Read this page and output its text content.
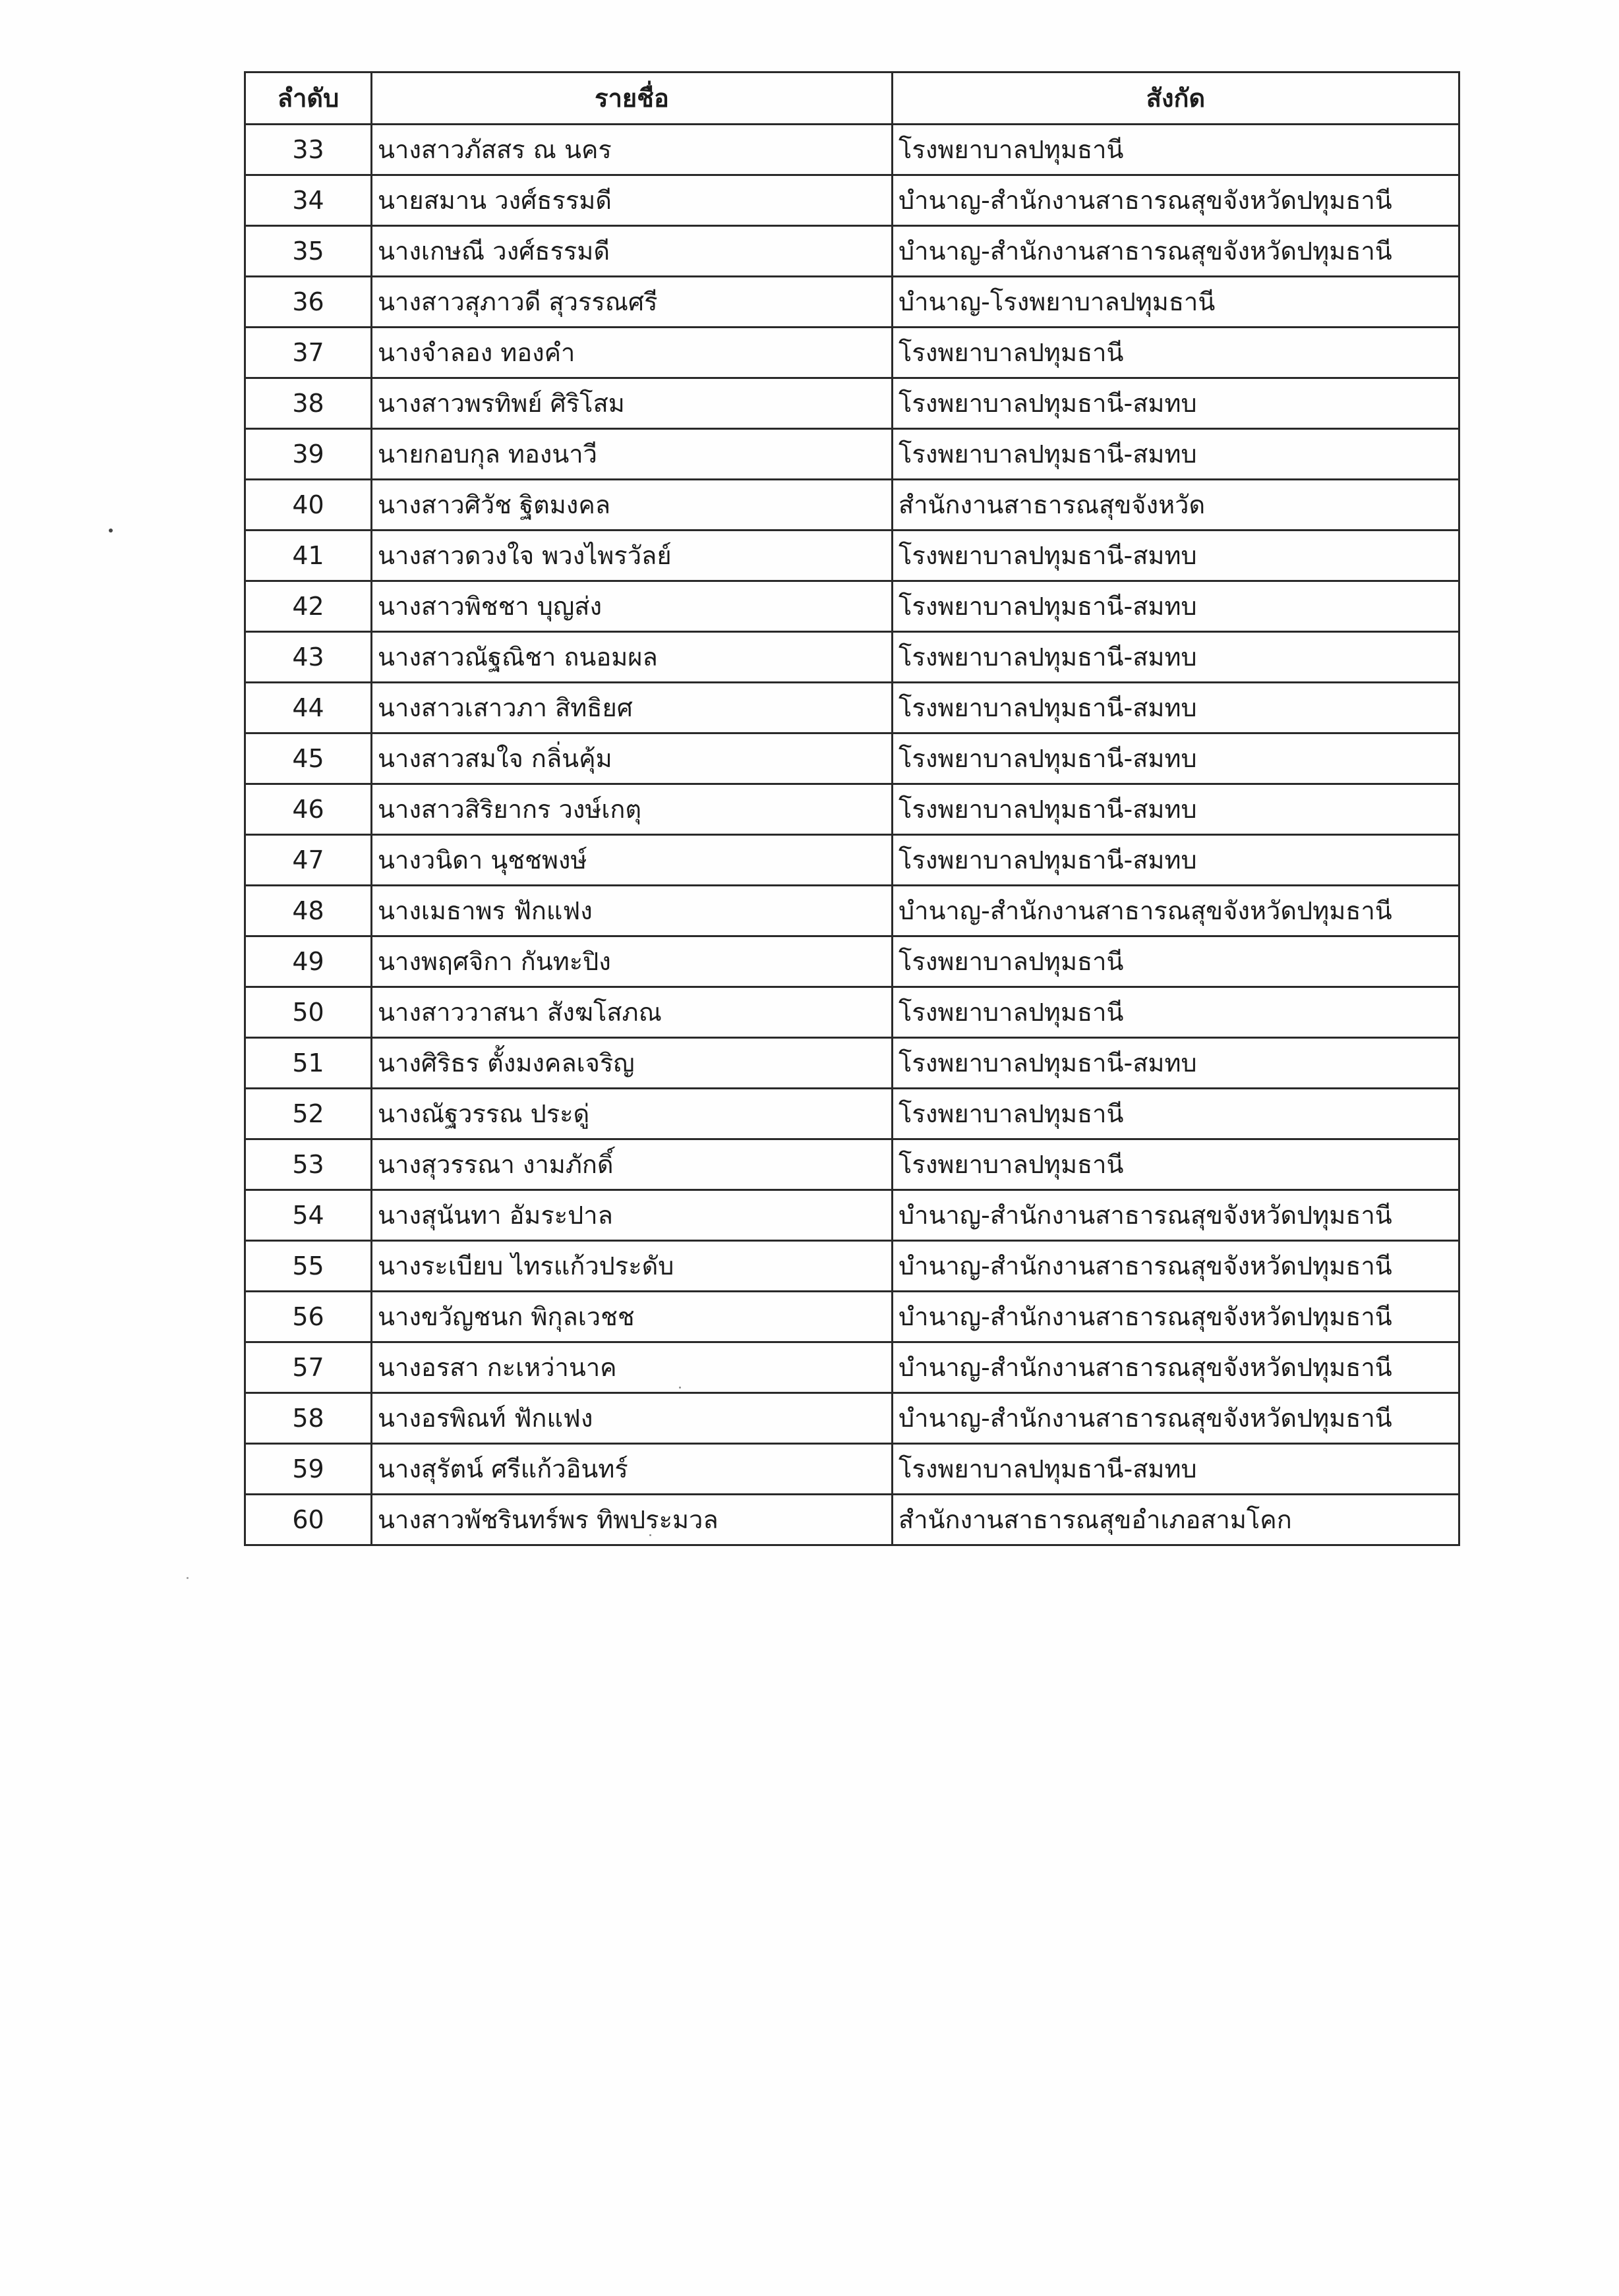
ลำดับ	รายชื่อ	สังกัด
33	นางสาวภัสสร ณ นคร	โรงพยาบาลปทุมธานี
34	นายสมาน วงศ์ธรรมดี	บำนาญ-สำนักงานสาธารณสุขจังหวัดปทุมธานี
35	นางเกษณี วงศ์ธรรมดี	บำนาญ-สำนักงานสาธารณสุขจังหวัดปทุมธานี
36	นางสาวสุภาวดี สุวรรณศรี	บำนาญ-โรงพยาบาลปทุมธานี
37	นางจำลอง ทองคำ	โรงพยาบาลปทุมธานี
38	นางสาวพรทิพย์ ศิริโสม	โรงพยาบาลปทุมธานี-สมทบ
39	นายกอบกุล ทองนาวี	โรงพยาบาลปทุมธานี-สมทบ
40	นางสาวศิวัช ฐิตมงคล	สำนักงานสาธารณสุขจังหวัด
41	นางสาวดวงใจ พวงไพรวัลย์	โรงพยาบาลปทุมธานี-สมทบ
42	นางสาวพิชชา บุญส่ง	โรงพยาบาลปทุมธานี-สมทบ
43	นางสาวณัฐณิชา ถนอมผล	โรงพยาบาลปทุมธานี-สมทบ
44	นางสาวเสาวภา สิทธิยศ	โรงพยาบาลปทุมธานี-สมทบ
45	นางสาวสมใจ กลิ่นคุ้ม	โรงพยาบาลปทุมธานี-สมทบ
46	นางสาวสิริยากร วงษ์เกตุ	โรงพยาบาลปทุมธานี-สมทบ
47	นางวนิดา นุชชพงษ์	โรงพยาบาลปทุมธานี-สมทบ
48	นางเมธาพร ฟักแฟง	บำนาญ-สำนักงานสาธารณสุขจังหวัดปทุมธานี
49	นางพฤศจิกา กันทะปิง	โรงพยาบาลปทุมธานี
50	นางสาววาสนา สังฆโสภณ	โรงพยาบาลปทุมธานี
51	นางศิริธร ตั้งมงคลเจริญ	โรงพยาบาลปทุมธานี-สมทบ
52	นางณัฐวรรณ ประดู่	โรงพยาบาลปทุมธานี
53	นางสุวรรณา งามภักดิ์	โรงพยาบาลปทุมธานี
54	นางสุนันทา อัมระปาล	บำนาญ-สำนักงานสาธารณสุขจังหวัดปทุมธานี
55	นางระเบียบ ไทรแก้วประดับ	บำนาญ-สำนักงานสาธารณสุขจังหวัดปทุมธานี
56	นางขวัญชนก พิกุลเวชช	บำนาญ-สำนักงานสาธารณสุขจังหวัดปทุมธานี
57	นางอรสา กะเหว่านาค	บำนาญ-สำนักงานสาธารณสุขจังหวัดปทุมธานี
58	นางอรพิณท์ ฟักแฟง	บำนาญ-สำนักงานสาธารณสุขจังหวัดปทุมธานี
59	นางสุรัตน์ ศรีแก้วอินทร์	โรงพยาบาลปทุมธานี-สมทบ
60	นางสาวพัชรินทร์พร ทิพประมวล	สำนักงานสาธารณสุขอำเภอสามโคก
